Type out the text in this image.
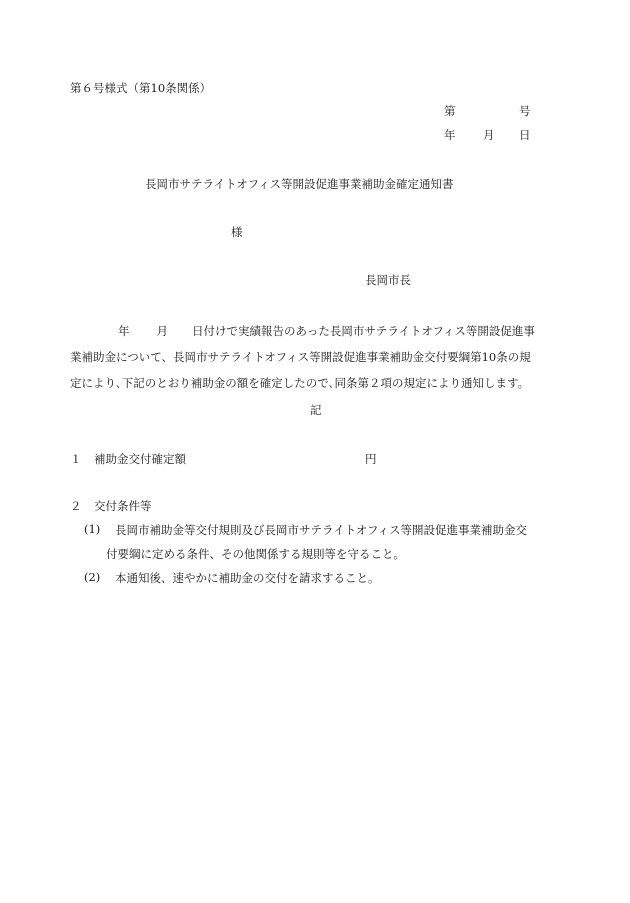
第６号様式（第10条関係）
第	号
年 月 日
長岡市サテライトオフィス等開設促進事業補助金確定通知書
様
長岡市長
年 月 日付けで実績報告のあった長岡市サテライトオフィス等開設促進事
業補助金について、長岡市サテライトオフィス等開設促進事業補助金交付要綱第10条の規
定により､下記のとおり補助金の額を確定したので､同条第２項の規定により通知します。
記
１ 補助金交付確定額	円
２ 交付条件等
(1) 長岡市補助金等交付規則及び長岡市サテライトオフィス等開設促進事業補助金交
付要綱に定める条件、その他関係する規則等を守ること。
(2) 本通知後、速やかに補助金の交付を請求すること。
